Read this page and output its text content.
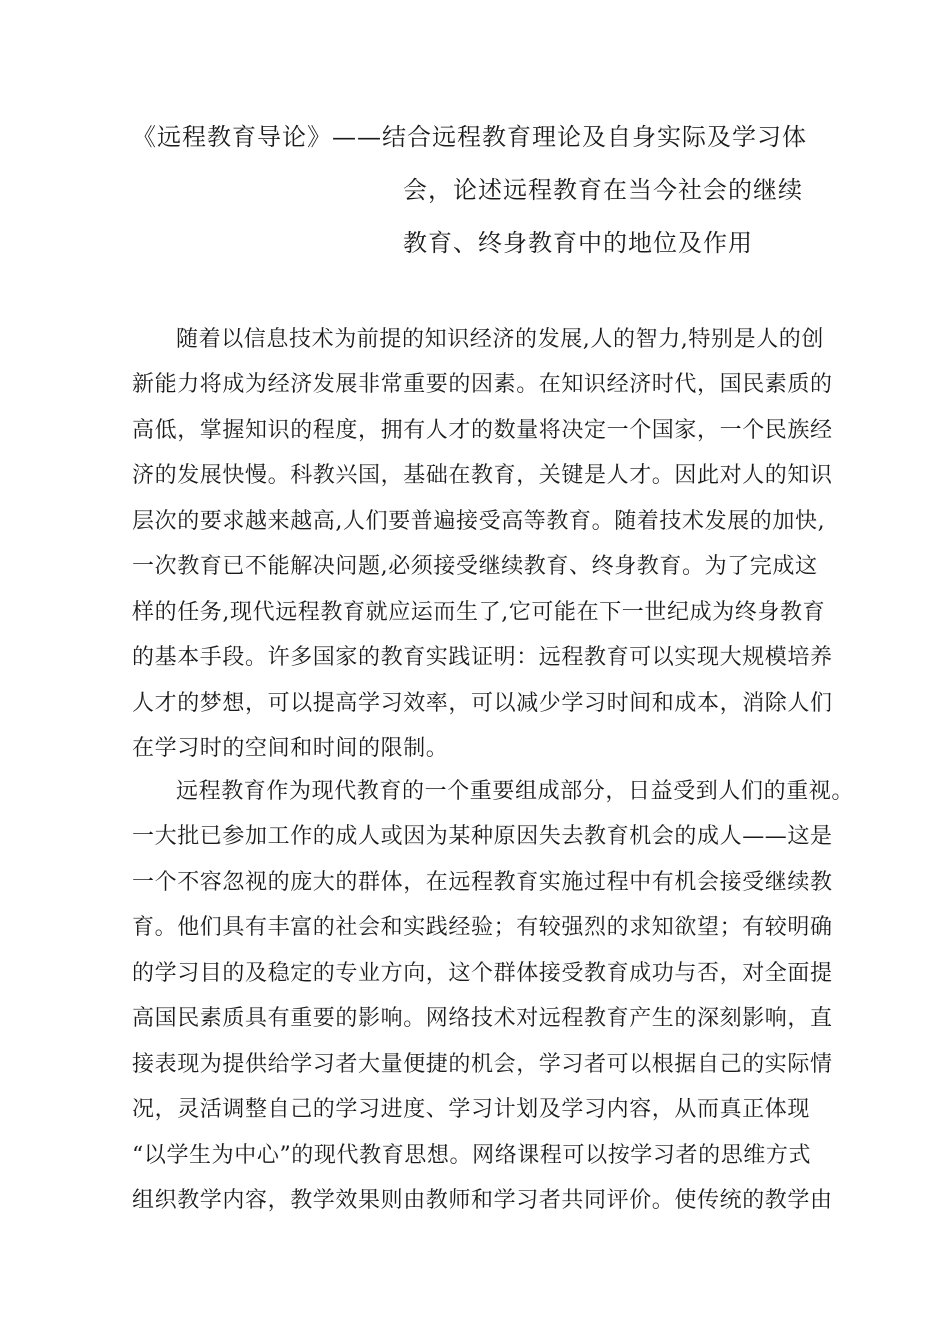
《远程教育导论》——结合远程教育理论及自身实际及学习体
会，论述远程教育在当今社会的继续
教育、终身教育中的地位及作用
随着以信息技术为前提的知识经济的发展,人的智力,特别是人的创
新能力将成为经济发展非常重要的因素。在知识经济时代，国民素质的
高低，掌握知识的程度，拥有人才的数量将决定一个国家，一个民族经
济的发展快慢。科教兴国，基础在教育，关键是人才。因此对人的知识
层次的要求越来越高,人们要普遍接受高等教育。随着技术发展的加快,
一次教育已不能解决问题,必须接受继续教育、终身教育。为了完成这
样的任务,现代远程教育就应运而生了,它可能在下一世纪成为终身教育
的基本手段。许多国家的教育实践证明：远程教育可以实现大规模培养
人才的梦想，可以提高学习效率，可以减少学习时间和成本，消除人们
在学习时的空间和时间的限制。
远程教育作为现代教育的一个重要组成部分，日益受到人们的重视。
一大批已参加工作的成人或因为某种原因失去教育机会的成人——这是
一个不容忽视的庞大的群体，在远程教育实施过程中有机会接受继续教
育。他们具有丰富的社会和实践经验；有较强烈的求知欲望；有较明确
的学习目的及稳定的专业方向，这个群体接受教育成功与否，对全面提
高国民素质具有重要的影响。网络技术对远程教育产生的深刻影响，直
接表现为提供给学习者大量便捷的机会，学习者可以根据自己的实际情
况，灵活调整自己的学习进度、学习计划及学习内容，从而真正体现
“以学生为中心”的现代教育思想。网络课程可以按学习者的思维方式
组织教学内容，教学效果则由教师和学习者共同评价。使传统的教学由
